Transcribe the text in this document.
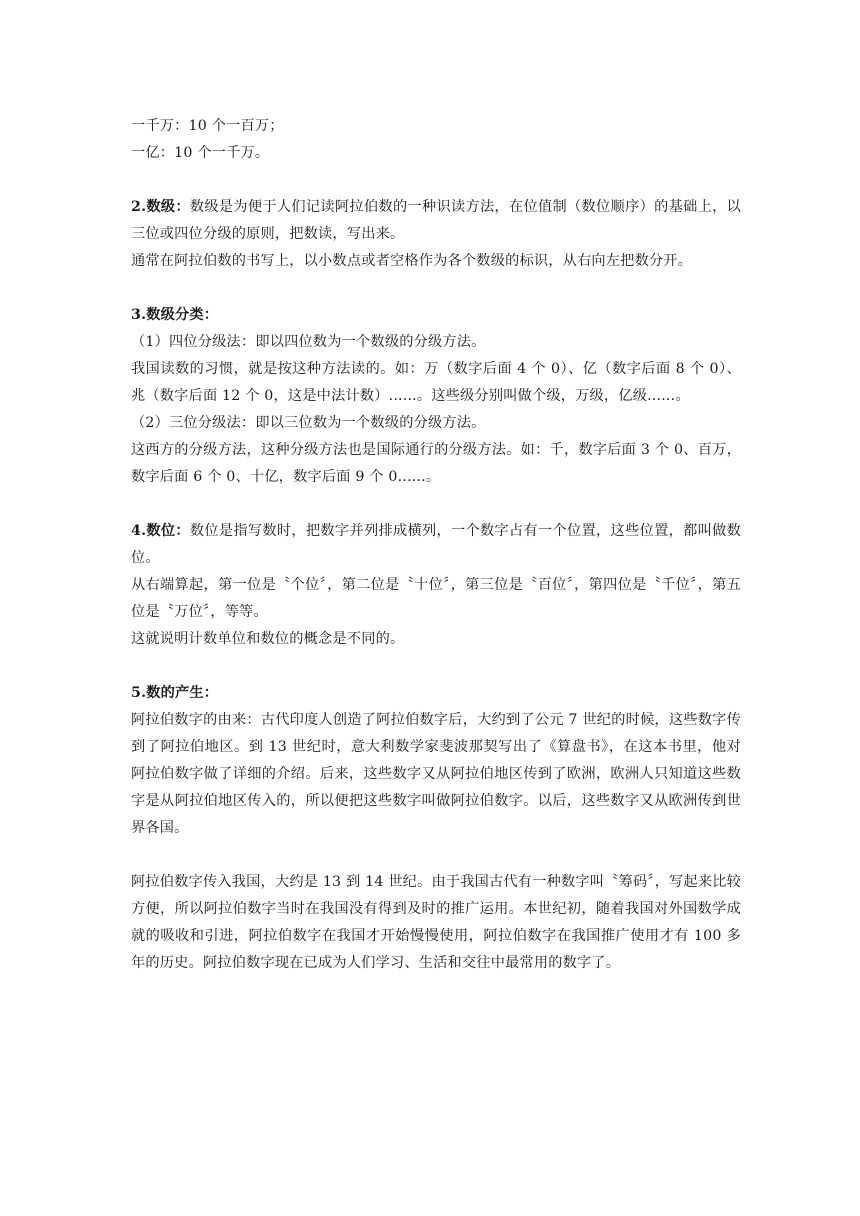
一千万：10 个一百万；

一亿：10 个一千万。

2.数级：数级是为便于人们记读阿拉伯数的一种识读方法，在位值制（数位顺序）的基础上，以三位或四位分级的原则，把数读，写出来。

通常在阿拉伯数的书写上，以小数点或者空格作为各个数级的标识，从右向左把数分开。

3.数级分类：

（1）四位分级法：即以四位数为一个数级的分级方法。

我国读数的习惯，就是按这种方法读的。如：万（数字后面 4 个 0）、亿（数字后面 8 个 0）、兆（数字后面 12 个 0，这是中法计数）......。这些级分别叫做个级，万级，亿级......。

（2）三位分级法：即以三位数为一个数级的分级方法。

这西方的分级方法，这种分级方法也是国际通行的分级方法。如：千，数字后面 3 个 0、百万，数字后面 6 个 0、十亿，数字后面 9 个 0......。

4.数位：数位是指写数时，把数字并列排成横列，一个数字占有一个位置，这些位置，都叫做数位。

从右端算起，第一位是〝个位〞，第二位是〝十位〞，第三位是〝百位〞，第四位是〝千位〞，第五位是〝万位〞，等等。

这就说明计数单位和数位的概念是不同的。

5.数的产生：

阿拉伯数字的由来：古代印度人创造了阿拉伯数字后，大约到了公元 7 世纪的时候，这些数字传到了阿拉伯地区。到 13 世纪时，意大利数学家斐波那契写出了《算盘书》，在这本书里，他对阿拉伯数字做了详细的介绍。后来，这些数字又从阿拉伯地区传到了欧洲，欧洲人只知道这些数字是从阿拉伯地区传入的，所以便把这些数字叫做阿拉伯数字。以后，这些数字又从欧洲传到世界各国。

阿拉伯数字传入我国，大约是 13 到 14 世纪。由于我国古代有一种数字叫〝筹码〞，写起来比较方便，所以阿拉伯数字当时在我国没有得到及时的推广运用。本世纪初，随着我国对外国数学成就的吸收和引进，阿拉伯数字在我国才开始慢慢使用，阿拉伯数字在我国推广使用才有 100 多年的历史。阿拉伯数字现在已成为人们学习、生活和交往中最常用的数字了。
